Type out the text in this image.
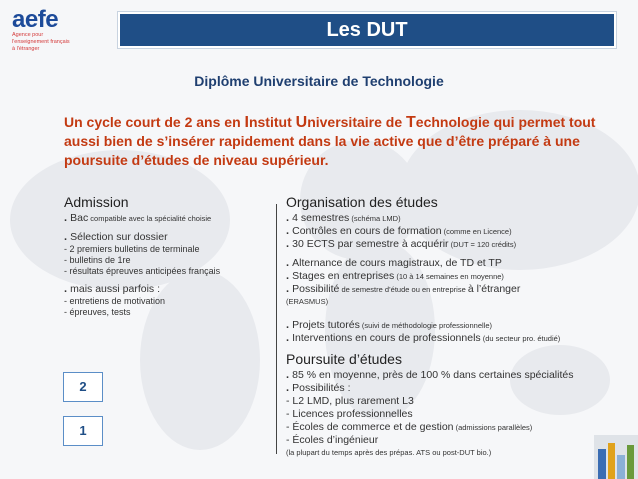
aefe
Agence pour
l'enseignement français
à l'étranger
Les DUT
Diplôme Universitaire de Technologie
Un cycle court de 2 ans en Institut Universitaire de Technologie qui permet tout aussi bien de s’insérer rapidement dans la vie active que d’être préparé à une poursuite d’études de niveau supérieur.
Admission
. Bac compatible avec la spécialité choisie
. Sélection sur dossier
- 2 premiers bulletins de terminale
- bulletins de 1re
- résultats épreuves anticipées français
. mais aussi parfois :
- entretiens de motivation
- épreuves, tests
2
1
Organisation des études
. 4 semestres (schéma LMD)
. Contrôles en cours de formation (comme en Licence)
. 30 ECTS par semestre à acquérir (DUT = 120 crédits)
. Alternance de cours magistraux, de TD et TP
. Stages en entreprises (10 à 14 semaines en moyenne)
. Possibilité de semestre d’étude ou en entreprise à l’étranger
(ERASMUS)
. Projets tutorés (suivi de méthodologie professionnelle)
. Interventions en cours de professionnels (du secteur pro. étudié)
Poursuite d’études
. 85 % en moyenne, près de 100 % dans certaines spécialités
. Possibilités :
- L2 LMD, plus rarement L3
- Licences professionnelles
- Écoles de commerce et de gestion (admissions parallèles)
- Écoles d’ingénieur
(la plupart du temps après des prépas. ATS ou post-DUT bio.)
